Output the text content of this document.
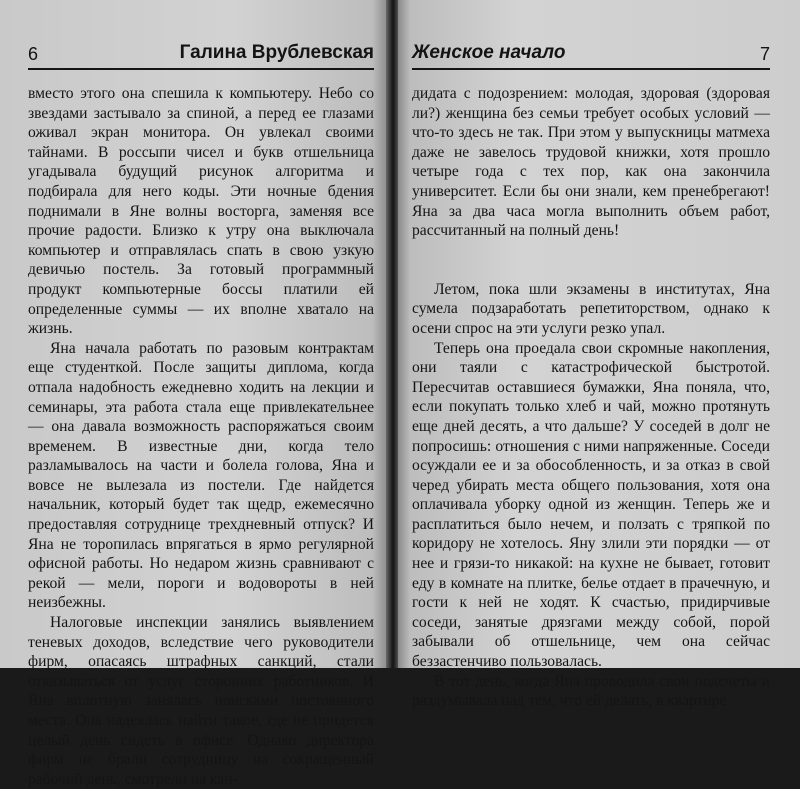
6	Галина Врублевская

вместо этого она спешила к компьютеру. Небо со звездами застывало за спиной, а перед ее глазами оживал экран монитора. Он увлекал своими тайнами. В россыпи чисел и букв отшельница угадывала будущий рисунок алгоритма и подбирала для него коды. Эти ночные бдения поднимали в Яне волны восторга, заменяя все прочие радости. Близко к утру она выключала компьютер и отправлялась спать в свою узкую девичью постель. За готовый программный продукт компьютерные боссы платили ей определенные суммы — их вполне хватало на жизнь.

Яна начала работать по разовым контрактам еще студенткой. После защиты диплома, когда отпала надобность ежедневно ходить на лекции и семинары, эта работа стала еще привлекательнее — она давала возможность распоряжаться своим временем. В известные дни, когда тело разламывалось на части и болела голова, Яна и вовсе не вылезала из постели. Где найдется начальник, который будет так щедр, ежемесячно предоставляя сотруднице трехдневный отпуск? И Яна не торопилась впрягаться в ярмо регулярной офисной работы. Но недаром жизнь сравнивают с рекой — мели, пороги и водовороты в ней неизбежны.

Налоговые инспекции занялись выявлением теневых доходов, вследствие чего руководители фирм, опасаясь штрафных санкций, стали отказываться от услуг сторонних работников. И Яна вплотную занялась поисками постоянного места. Она надеялась найти такое, где не придется целый день сидеть в офисе. Однако директора фирм не брали сотрудницу на сокращенный рабочий день, смотрели на кан-

Женское начало	7

дидата с подозрением: молодая, здоровая (здоровая ли?) женщина без семьи требует особых условий — что-то здесь не так. При этом у выпускницы матмеха даже не завелось трудовой книжки, хотя прошло четыре года с тех пор, как она закончила университет. Если бы они знали, кем пренебрегают! Яна за два часа могла выполнить объем работ, рассчитанный на полный день!

Летом, пока шли экзамены в институтах, Яна сумела подзаработать репетиторством, однако к осени спрос на эти услуги резко упал.

Теперь она проедала свои скромные накопления, они таяли с катастрофической быстротой. Пересчитав оставшиеся бумажки, Яна поняла, что, если покупать только хлеб и чай, можно протянуть еще дней десять, а что дальше? У соседей в долг не попросишь: отношения с ними напряженные. Соседи осуждали ее и за обособленность, и за отказ в свой черед убирать места общего пользования, хотя она оплачивала уборку одной из женщин. Теперь же и расплатиться было нечем, и ползать с тряпкой по коридору не хотелось. Яну злили эти порядки — от нее и грязи-то никакой: на кухне не бывает, готовит еду в комнате на плитке, белье отдает в прачечную, и гости к ней не ходят. К счастью, придирчивые соседи, занятые дрязгами между собой, порой забывали об отшельнице, чем она сейчас беззастенчиво пользовалась.

В тот день, когда Яна проводила свои подсчеты и раздумывала над тем, что ей делать, в квартире
